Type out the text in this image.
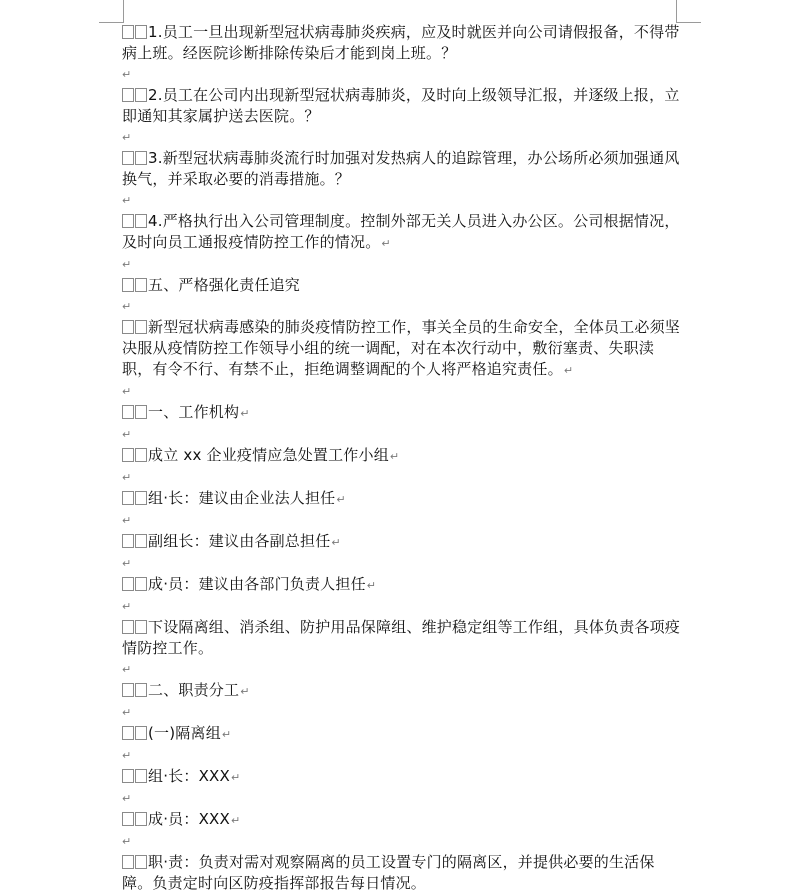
1.员工一旦出现新型冠状病毒肺炎疾病，应及时就医并向公司请假报备，不得带病上班。经医院诊断排除传染后才能到岗上班。？
↵
2.员工在公司内出现新型冠状病毒肺炎，及时向上级领导汇报，并逐级上报，立即通知其家属护送去医院。？
↵
3.新型冠状病毒肺炎流行时加强对发热病人的追踪管理，办公场所必须加强通风换气，并采取必要的消毒措施。？
↵
4.严格执行出入公司管理制度。控制外部无关人员进入办公区。公司根据情况，及时向员工通报疫情防控工作的情况。↵
↵
五、严格强化责任追究
↵
新型冠状病毒感染的肺炎疫情防控工作，事关全员的生命安全，全体员工必须坚决服从疫情防控工作领导小组的统一调配，对在本次行动中，敷衍塞责、失职渎职，有令不行、有禁不止，拒绝调整调配的个人将严格追究责任。↵
↵
一、工作机构↵
↵
成立 xx 企业疫情应急处置工作小组↵
↵
组·长：建议由企业法人担任↵
↵
副组长：建议由各副总担任↵
↵
成·员：建议由各部门负责人担任↵
↵
下设隔离组、消杀组、防护用品保障组、维护稳定组等工作组，具体负责各项疫情防控工作。
↵
二、职责分工↵
↵
(一)隔离组↵
↵
组·长：XXX↵
↵
成·员：XXX↵
↵
职·责：负责对需对观察隔离的员工设置专门的隔离区，并提供必要的生活保障。负责定时向区防疫指挥部报告每日情况。
